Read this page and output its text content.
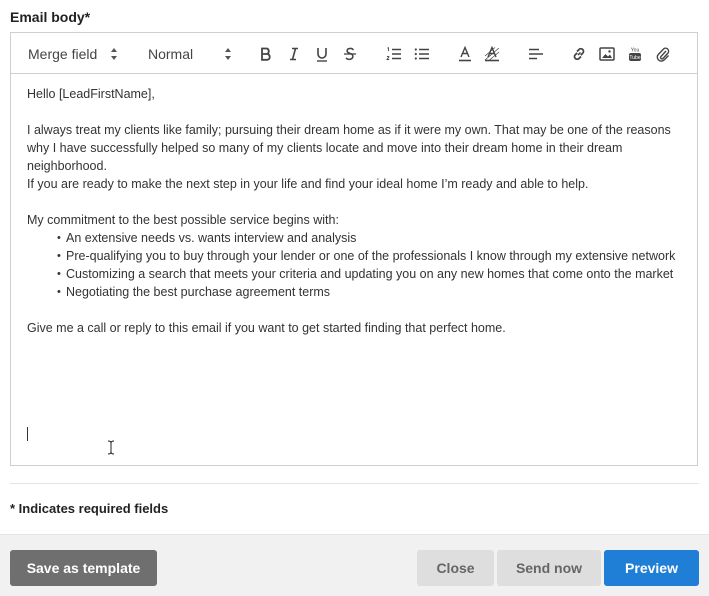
Email body*
Merge field	Normal	You
Tube

Hello [LeadFirstName],

I always treat my clients like family; pursuing their dream home as if it were my own. That may be one of the reasons why I have successfully helped so many of my clients locate and move into their dream home in their dream neighborhood.

If you are ready to make the next step in your life and find your ideal home I’m ready and able to help.

My commitment to the best possible service begins with:

• An extensive needs vs. wants interview and analysis
• Pre-qualifying you to buy through your lender or one of the professionals I know through my extensive network
• Customizing a search that meets your criteria and updating you on any new homes that come onto the market
• Negotiating the best purchase agreement terms

Give me a call or reply to this email if you want to get started finding that perfect home.

* Indicates required fields
Save as template	Close	Send now	Preview
